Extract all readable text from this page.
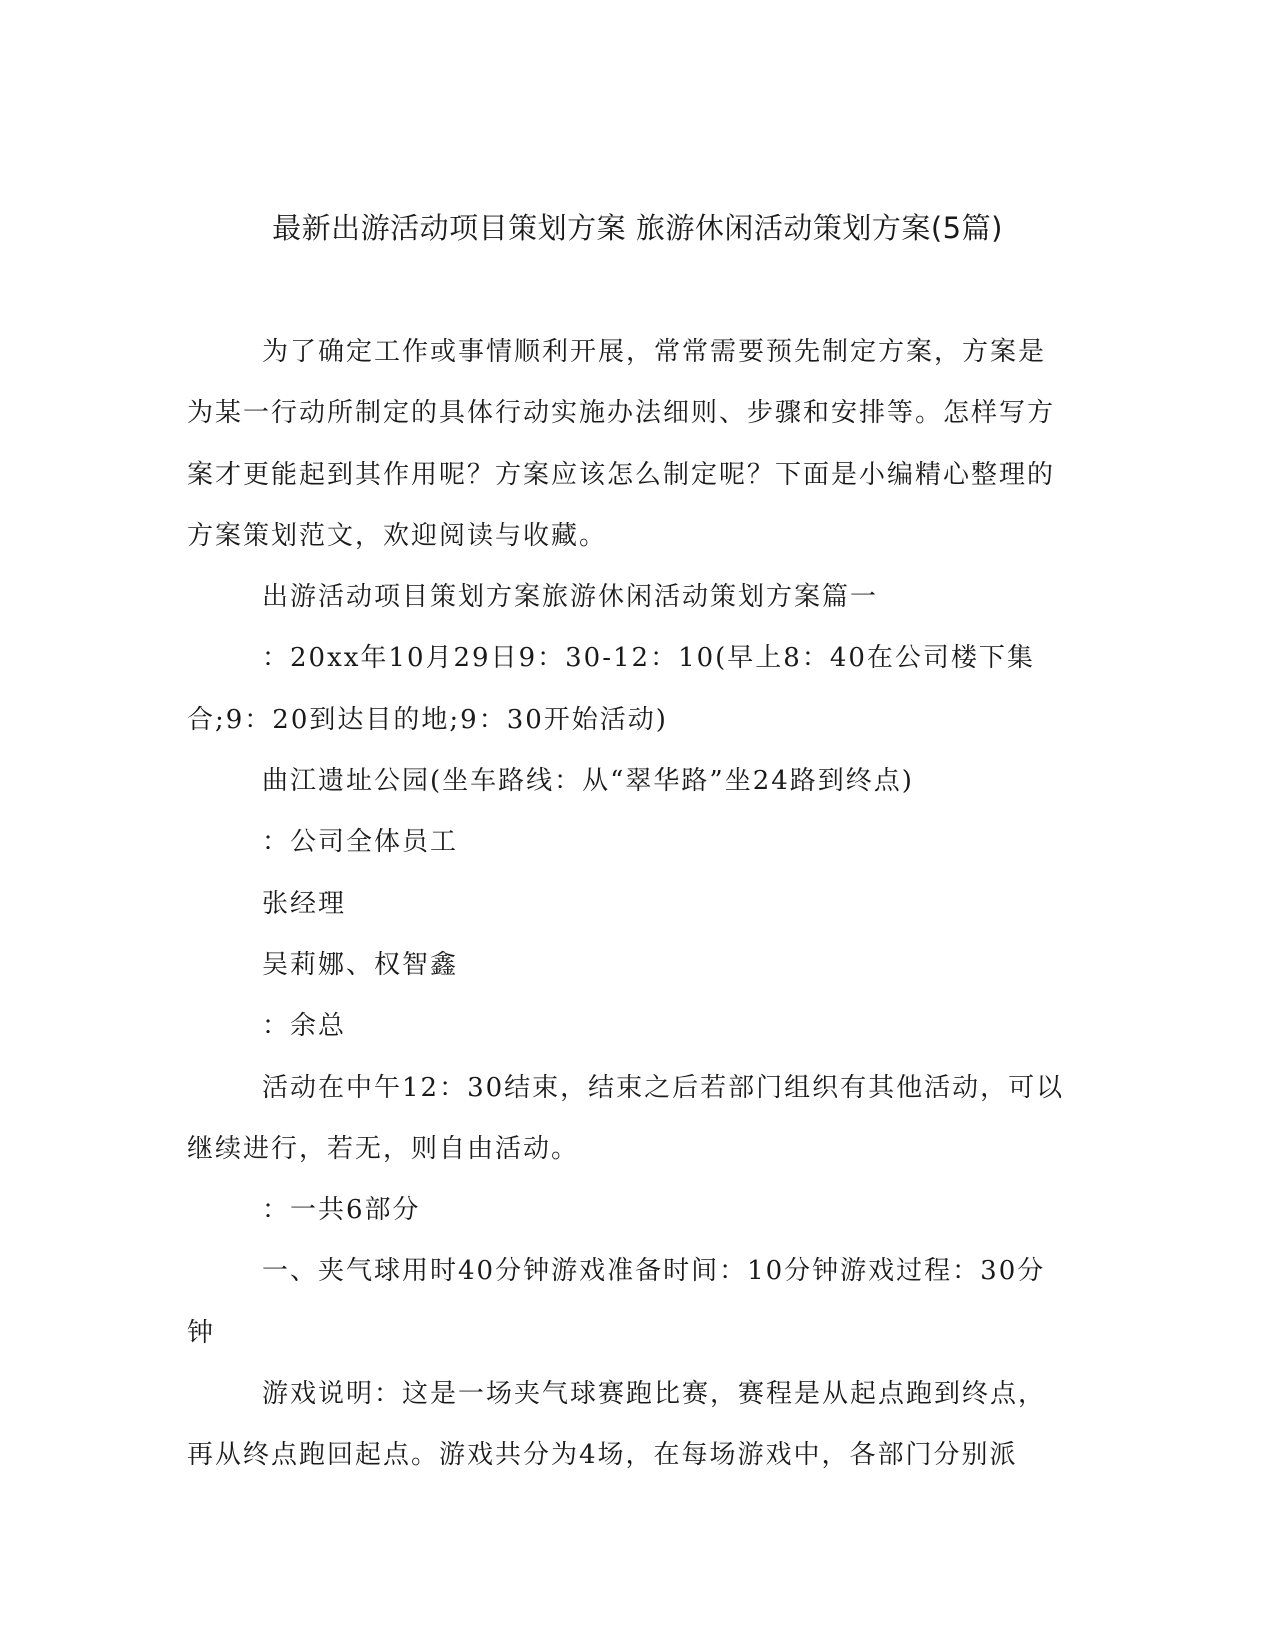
最新出游活动项目策划方案 旅游休闲活动策划方案(5篇)

为了确定工作或事情顺利开展，常常需要预先制定方案，方案是为某一行动所制定的具体行动实施办法细则、步骤和安排等。怎样写方案才更能起到其作用呢？方案应该怎么制定呢？下面是小编精心整理的方案策划范文，欢迎阅读与收藏。

出游活动项目策划方案旅游休闲活动策划方案篇一

：20xx年10月29日9：30-12：10(早上8：40在公司楼下集合;9：20到达目的地;9：30开始活动)

曲江遗址公园(坐车路线：从“翠华路”坐24路到终点)

：公司全体员工

张经理

吴莉娜、权智鑫

：余总

活动在中午12：30结束，结束之后若部门组织有其他活动，可以继续进行，若无，则自由活动。

：一共6部分

一、夹气球用时40分钟游戏准备时间：10分钟游戏过程：30分钟

游戏说明：这是一场夹气球赛跑比赛，赛程是从起点跑到终点，再从终点跑回起点。游戏共分为4场，在每场游戏中，各部门分别派
